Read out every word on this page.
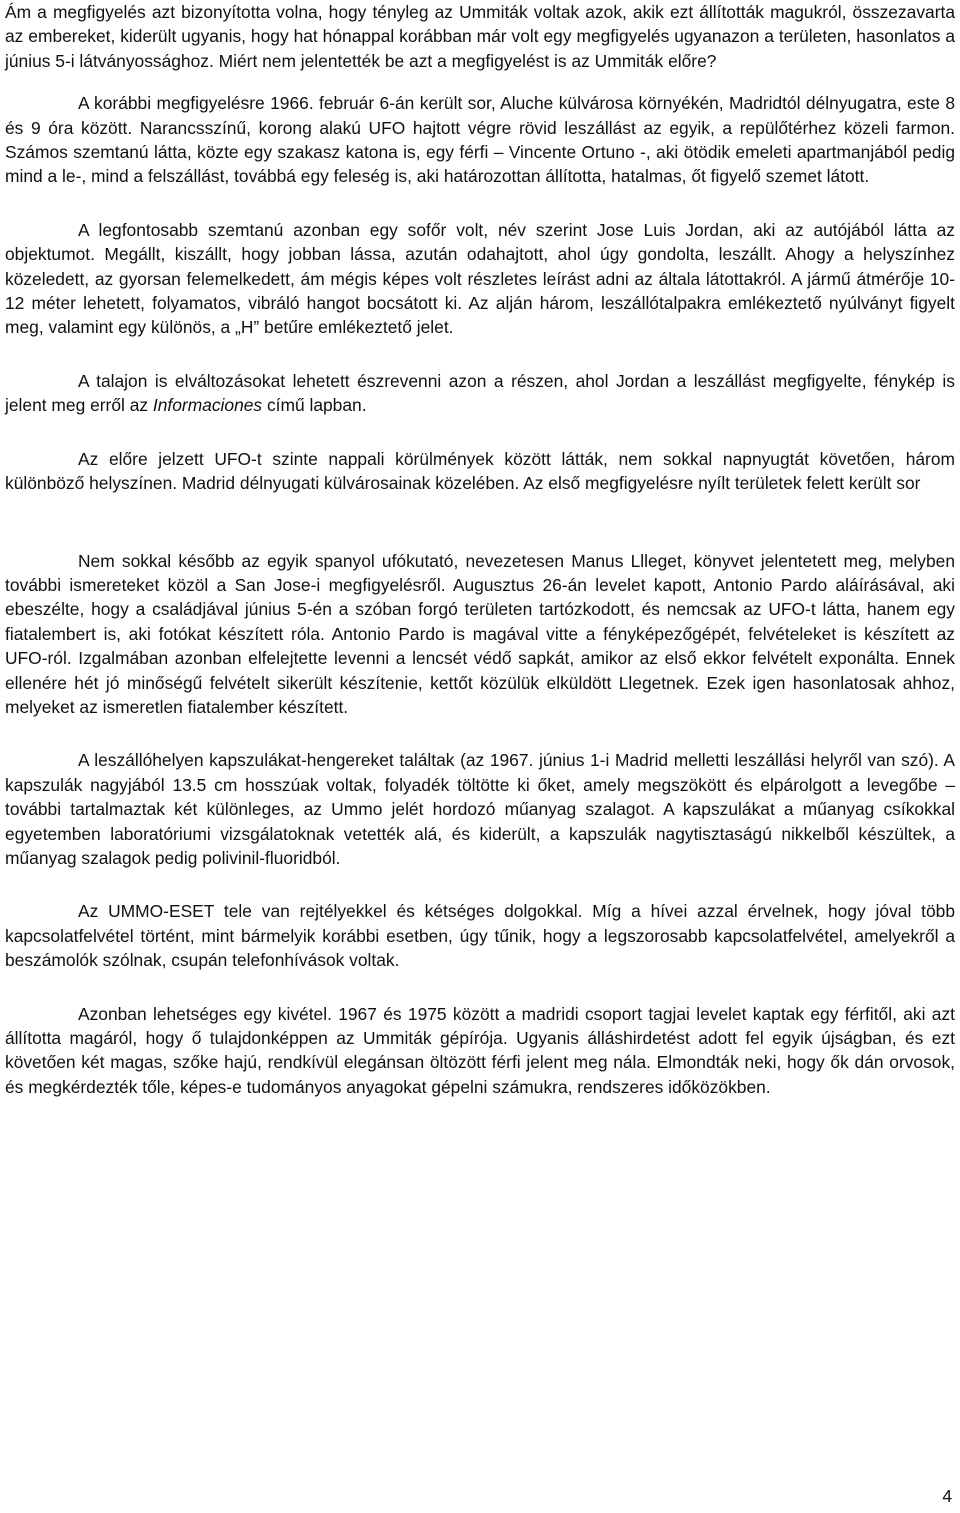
Ám a megfigyelés azt bizonyította volna, hogy tényleg az Ummiták voltak azok, akik ezt állították magukról, összezavarta az embereket, kiderült ugyanis, hogy hat hónappal korábban már volt egy megfigyelés ugyanazon a területen, hasonlatos a június 5-i látványossághoz. Miért nem jelentették be azt a megfigyelést is az Ummiták előre?

A korábbi megfigyelésre 1966. február 6-án került sor, Aluche külvárosa környékén, Madridtól délnyugatra, este 8 és 9 óra között. Narancsszínű, korong alakú UFO hajtott végre rövid leszállást az egyik, a repülőtérhez közeli farmon. Számos szemtanú látta, közte egy szakasz katona is, egy férfi – Vincente Ortuno -, aki ötödik emeleti apartmanjából pedig mind a le-, mind a felszállást, továbbá egy feleség is, aki határozottan állította, hatalmas, őt figyelő szemet látott.

A legfontosabb szemtanú azonban egy sofőr volt, név szerint Jose Luis Jordan, aki az autójából látta az objektumot. Megállt, kiszállt, hogy jobban lássa, azután odahajtott, ahol úgy gondolta, leszállt. Ahogy a helyszínhez közeledett, az gyorsan felemelkedett, ám mégis képes volt részletes leírást adni az általa látottakról. A jármű átmérője 10-12 méter lehetett, folyamatos, vibráló hangot bocsátott ki. Az alján három, leszállótalpakra emlékeztető nyúlványt figyelt meg, valamint egy különös, a „H” betűre emlékeztető jelet.

A talajon is elváltozásokat lehetett észrevenni azon a részen, ahol Jordan a leszállást megfigyelte, fénykép is jelent meg erről az Informaciones című lapban.

Az előre jelzett UFO-t szinte nappali körülmények között látták, nem sokkal napnyugtát követően, három különböző helyszínen. Madrid délnyugati külvárosainak közelében. Az első megfigyelésre nyílt területek felett került sor

Nem sokkal később az egyik spanyol ufókutató, nevezetesen Manus Llleget, könyvet jelentetett meg, melyben további ismereteket közöl a San Jose-i megfigyelésről. Augusztus 26-án levelet kapott, Antonio Pardo aláírásával, aki ebeszélte, hogy a családjával június 5-én a szóban forgó területen tartózkodott, és nemcsak az UFO-t látta, hanem egy fiatalembert is, aki fotókat készített róla. Antonio Pardo is magával vitte a fényképezőgépét, felvételeket is készített az UFO-ról. Izgalmában azonban elfelejtette levenni a lencsét védő sapkát, amikor az első ekkor felvételt exponálta. Ennek ellenére hét jó minőségű felvételt sikerült készítenie, kettőt közülük elküldött Llegetnek. Ezek igen hasonlatosak ahhoz, melyeket az ismeretlen fiatalember készített.

A leszállóhelyen kapszulákat-hengereket találtak (az 1967. június 1-i Madrid melletti leszállási helyről van szó). A kapszulák nagyjából 13.5 cm hosszúak voltak, folyadék töltötte ki őket, amely megszökött és elpárolgott a levegőbe – további tartalmaztak két különleges, az Ummo jelét hordozó műanyag szalagot. A kapszulákat a műanyag csíkokkal egyetemben laboratóriumi vizsgálatoknak vetették alá, és kiderült, a kapszulák nagytisztaságú nikkelből készültek, a műanyag szalagok pedig polivinil-fluoridból.

Az UMMO-ESET tele van rejtélyekkel és kétséges dolgokkal. Míg a hívei azzal érvelnek, hogy jóval több kapcsolatfelvétel történt, mint bármelyik korábbi esetben, úgy tűnik, hogy a legszorosabb kapcsolatfelvétel, amelyekről a beszámolók szólnak, csupán telefonhívások voltak.

Azonban lehetséges egy kivétel. 1967 és 1975 között a madridi csoport tagjai levelet kaptak egy férfitől, aki azt állította magáról, hogy ő tulajdonképpen az Ummiták gépírója. Ugyanis álláshirdetést adott fel egyik újságban, és ezt követően két magas, szőke hajú, rendkívül elegánsan öltözött férfi jelent meg nála. Elmondták neki, hogy ők dán orvosok, és megkérdezték tőle, képes-e tudományos anyagokat gépelni számukra, rendszeres időközökben.

4
